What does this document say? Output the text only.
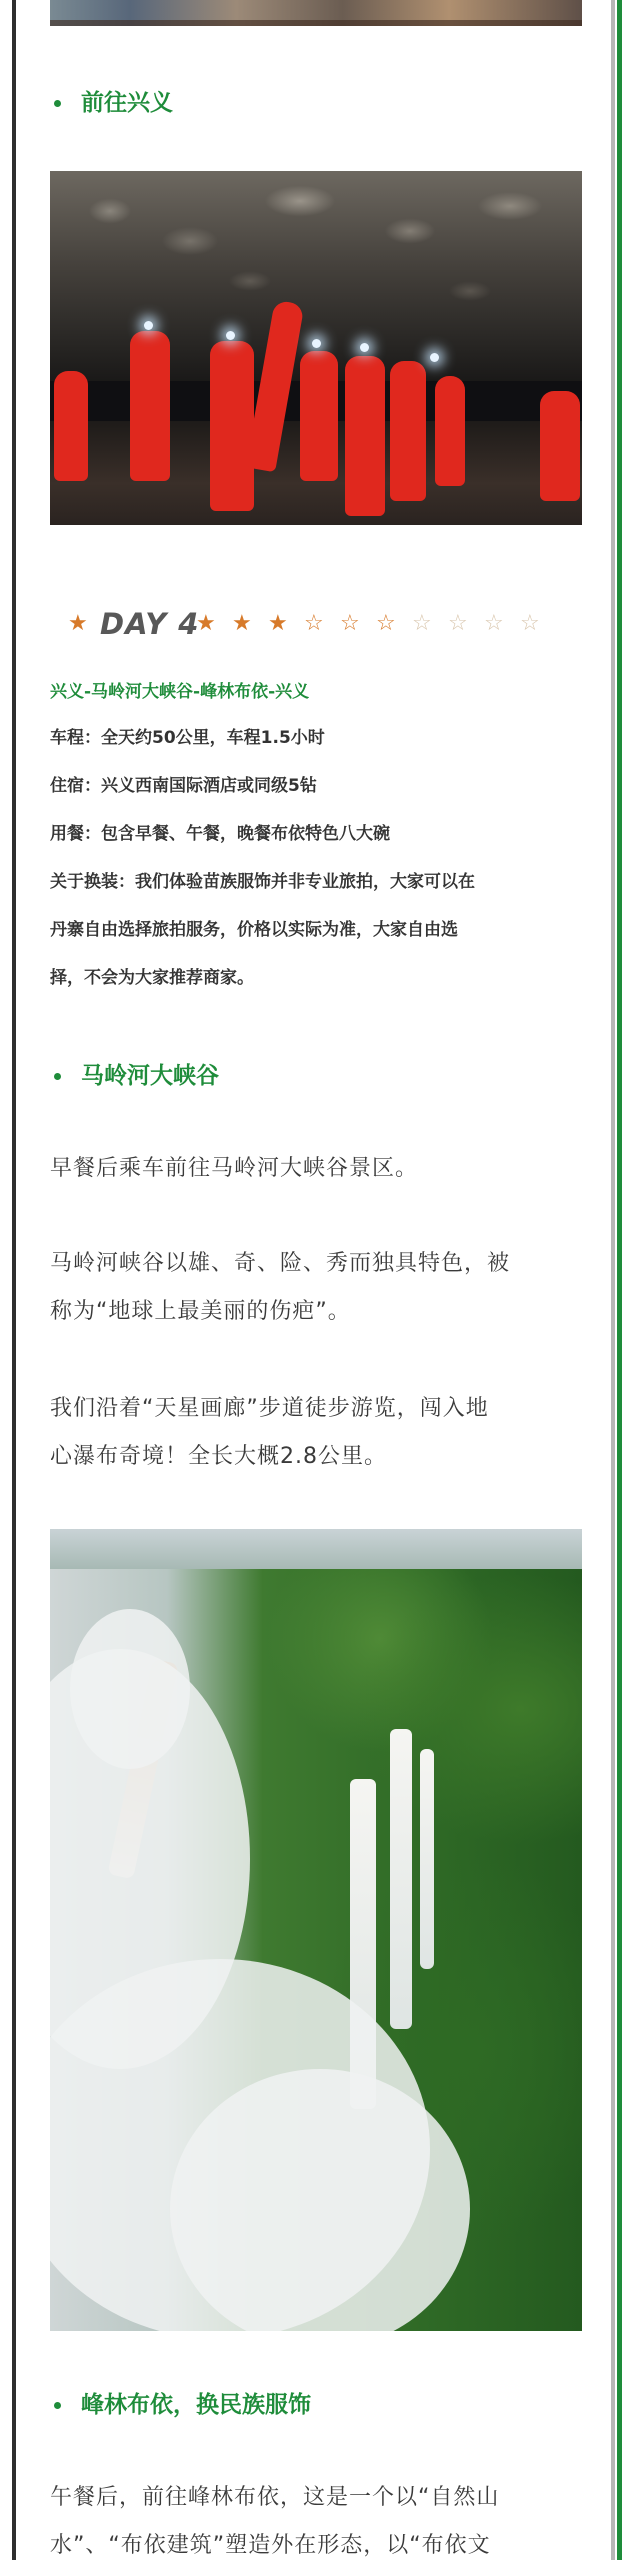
前往兴义
★ DAY 4
★ ★ ★ ☆ ☆ ☆ ☆ ☆ ☆ ☆
兴义-马岭河大峡谷-峰林布依-兴义
车程：全天约50公里，车程1.5小时
住宿：兴义西南国际酒店或同级5钻
用餐：包含早餐、午餐，晚餐布依特色八大碗
关于换装：我们体验苗族服饰并非专业旅拍，大家可以在
丹寨自由选择旅拍服务，价格以实际为准，大家自由选
择，不会为大家推荐商家。
马岭河大峡谷
早餐后乘车前往马岭河大峡谷景区。
马岭河峡谷以雄、奇、险、秀而独具特色，被
称为“地球上最美丽的伤疤”。
我们沿着“天星画廊”步道徒步游览，闯入地
心瀑布奇境！全长大概2.8公里。
峰林布依，换民族服饰
午餐后，前往峰林布依，这是一个以“自然山
水”、“布依建筑”塑造外在形态，以“布依文
